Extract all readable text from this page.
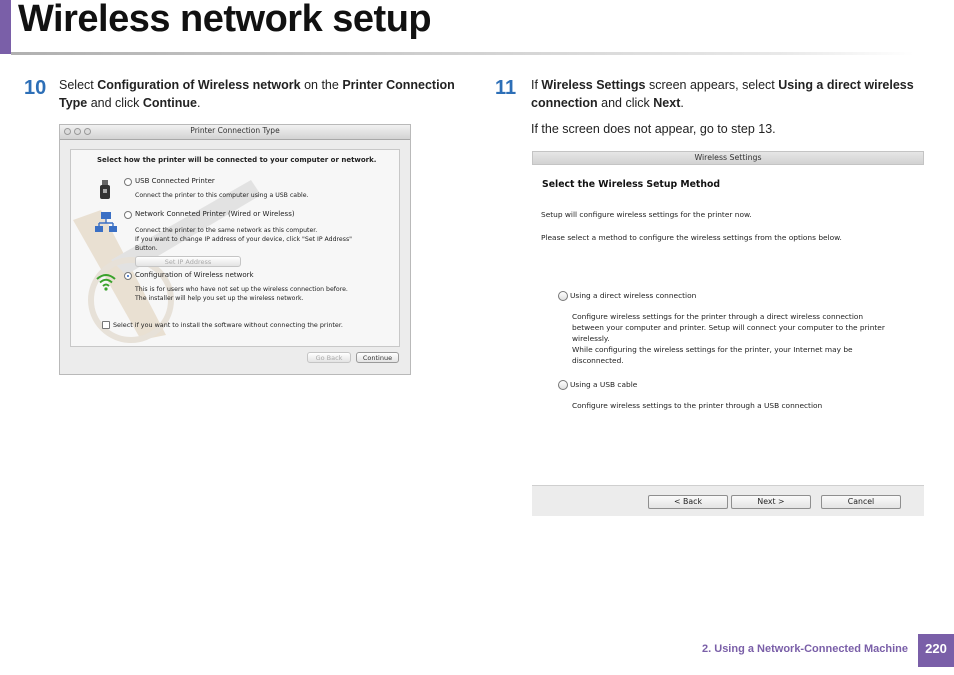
Wireless network setup
10 Select Configuration of Wireless network on the Printer Connection Type and click Continue.
Printer Connection Type
Select how the printer will be connected to your computer or network.
USB Connected Printer
Connect the printer to this computer using a USB cable.
Network Conneted Printer (Wired or Wireless)
Connect the printer to the same network as this computer.
If you want to change IP address of your device, click "Set IP Address"
Button.
Set IP Address
Configuration of Wireless network
This is for users who have not set up the wireless connection before.
The installer will help you set up the wireless network.
Select if you want to install the software without connecting the printer.
Go Back	Continue
11 If Wireless Settings screen appears, select Using a direct wireless connection and click Next.
If the screen does not appear, go to step 13.
Wireless Settings
Select the Wireless Setup Method
Setup will configure wireless settings for the printer now.
Please select a method to configure the wireless settings from the options below.
Using a direct wireless connection
Configure wireless settings for the printer through a direct wireless connection
between your computer and printer. Setup will connect your computer to the printer
wirelessly.
While configuring the wireless settings for the printer, your Internet may be
disconnected.
Using a USB cable
Configure wireless settings to the printer through a USB connection
< Back	Next >	Cancel
2. Using a Network-Connected Machine	220
